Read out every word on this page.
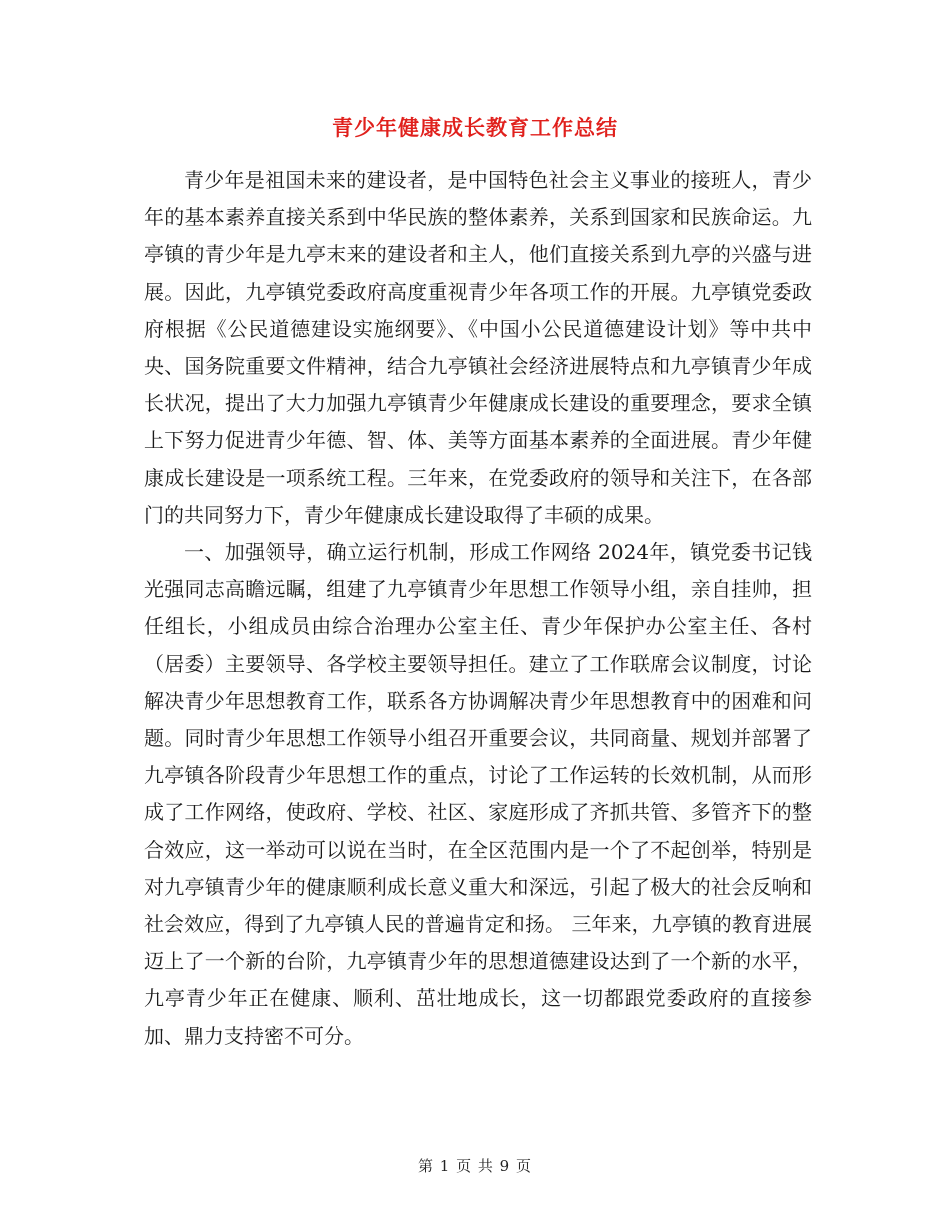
青少年健康成长教育工作总结

青少年是祖国未来的建设者，是中国特色社会主义事业的接班人，青少年的基本素养直接关系到中华民族的整体素养，关系到国家和民族命运。九亭镇的青少年是九亭末来的建设者和主人，他们直接关系到九亭的兴盛与进展。因此，九亭镇党委政府高度重视青少年各项工作的开展。九亭镇党委政府根据《公民道德建设实施纲要》、《中国小公民道德建设计划》等中共中央、国务院重要文件精神，结合九亭镇社会经济进展特点和九亭镇青少年成长状况，提出了大力加强九亭镇青少年健康成长建设的重要理念，要求全镇上下努力促进青少年德、智、体、美等方面基本素养的全面进展。青少年健康成长建设是一项系统工程。三年来，在党委政府的领导和关注下，在各部门的共同努力下，青少年健康成长建设取得了丰硕的成果。

一、加强领导，确立运行机制，形成工作网络 2024年，镇党委书记钱光强同志高瞻远瞩，组建了九亭镇青少年思想工作领导小组，亲自挂帅，担任组长，小组成员由综合治理办公室主任、青少年保护办公室主任、各村（居委）主要领导、各学校主要领导担任。建立了工作联席会议制度，讨论解决青少年思想教育工作，联系各方协调解决青少年思想教育中的困难和问题。同时青少年思想工作领导小组召开重要会议，共同商量、规划并部署了九亭镇各阶段青少年思想工作的重点，讨论了工作运转的长效机制，从而形成了工作网络，使政府、学校、社区、家庭形成了齐抓共管、多管齐下的整合效应，这一举动可以说在当时，在全区范围内是一个了不起创举，特别是对九亭镇青少年的健康顺利成长意义重大和深远，引起了极大的社会反响和社会效应，得到了九亭镇人民的普遍肯定和扬。 三年来，九亭镇的教育进展迈上了一个新的台阶，九亭镇青少年的思想道德建设达到了一个新的水平，九亭青少年正在健康、顺利、茁壮地成长，这一切都跟党委政府的直接参加、鼎力支持密不可分。

第 1 页 共 9 页
